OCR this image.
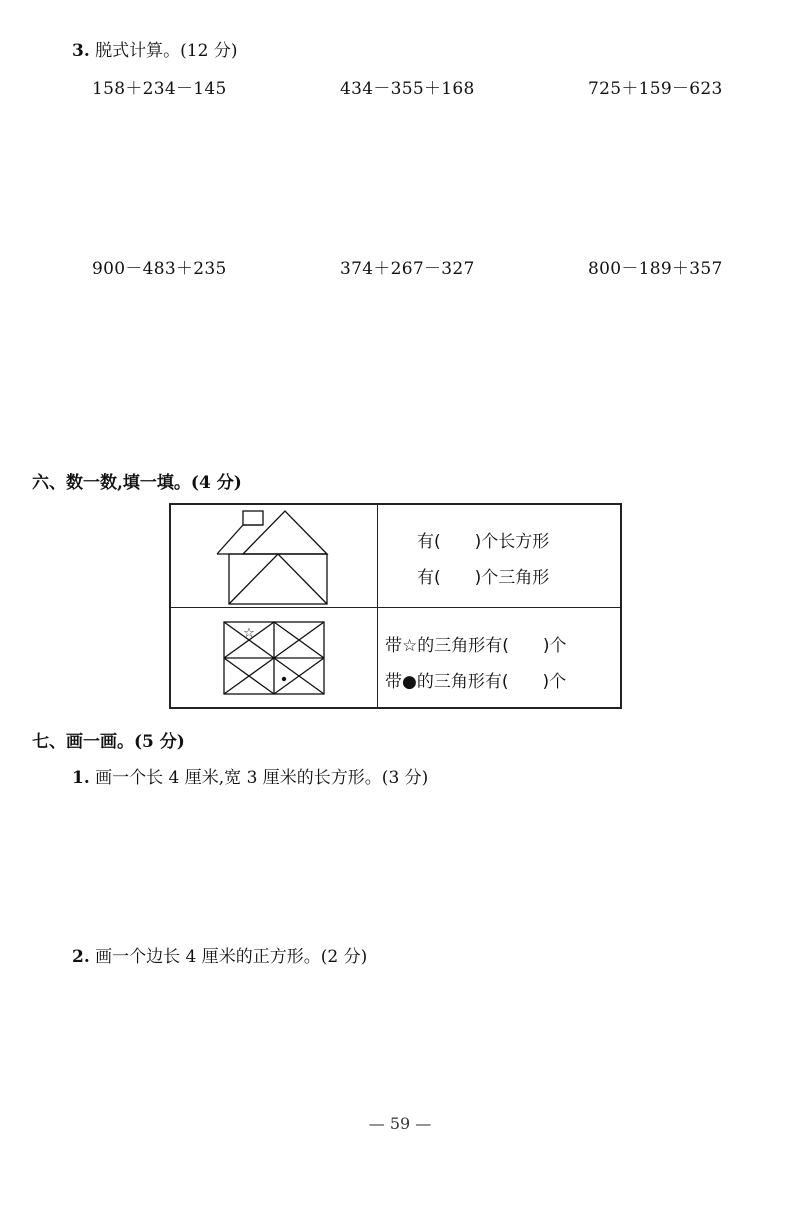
3. 脱式计算。(12 分)
158＋234－145	434－355＋168	725＋159－623
900－483＋235	374＋267－327	800－189＋357
六、数一数,填一填。(4 分)
有(　　)个长方形
有(　　)个三角形
☆
带☆的三角形有(　　)个
带●的三角形有(　　)个
七、画一画。(5 分)
1. 画一个长 4 厘米,宽 3 厘米的长方形。(3 分)
2. 画一个边长 4 厘米的正方形。(2 分)
— 59 —
